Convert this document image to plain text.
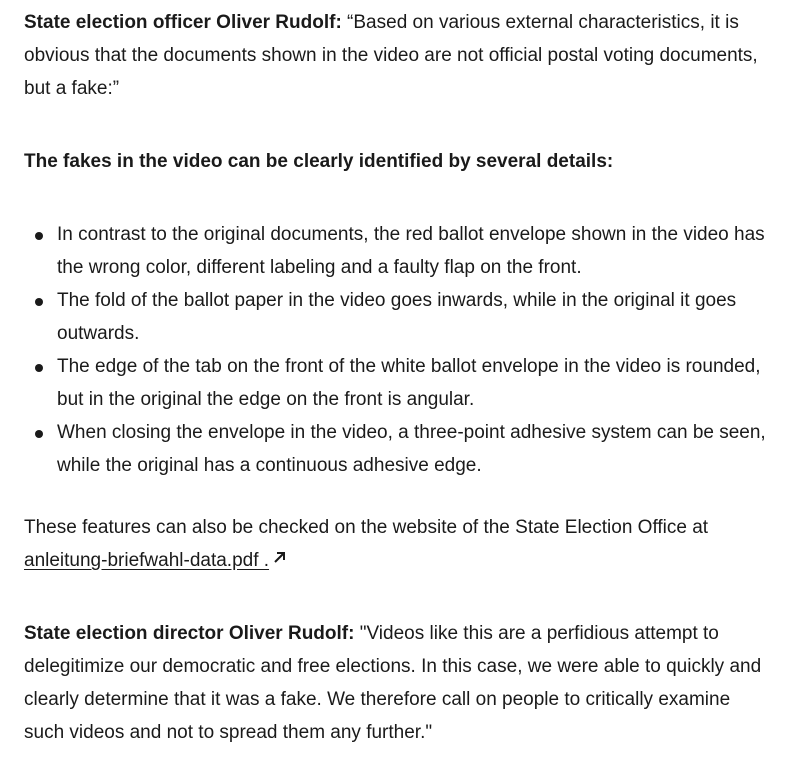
State election officer Oliver Rudolf: “Based on various external characteristics, it is obvious that the documents shown in the video are not official postal voting documents, but a fake:”

The fakes in the video can be clearly identified by several details:

In contrast to the original documents, the red ballot envelope shown in the video has the wrong color, different labeling and a faulty flap on the front.
The fold of the ballot paper in the video goes inwards, while in the original it goes outwards.
The edge of the tab on the front of the white ballot envelope in the video is rounded, but in the original the edge on the front is angular.
When closing the envelope in the video, a three-point adhesive system can be seen, while the original has a continuous adhesive edge.

These features can also be checked on the website of the State Election Office at anleitung-briefwahl-data.pdf .

State election director Oliver Rudolf: "Videos like this are a perfidious attempt to delegitimize our democratic and free elections. In this case, we were able to quickly and clearly determine that it was a fake. We therefore call on people to critically examine such videos and not to spread them any further."
